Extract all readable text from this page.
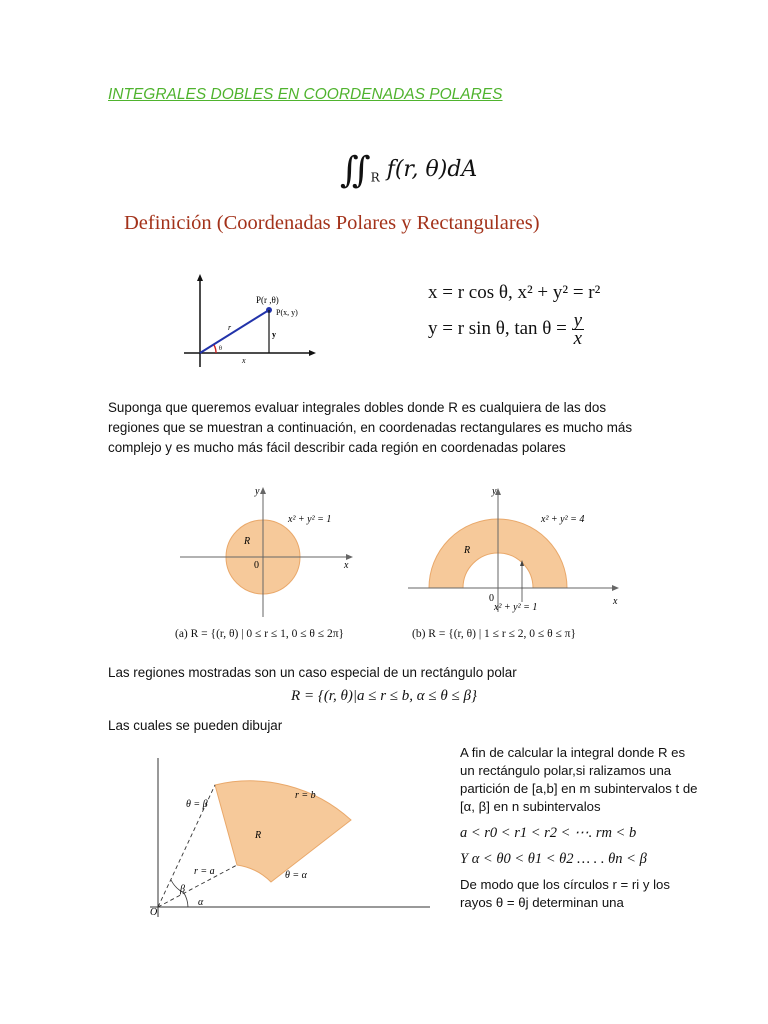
INTEGRALES DOBLES EN COORDENADAS POLARES
$∬_R$ f(r, θ)dA
Definición (Coordenadas Polares y Rectangulares)
P(r ,θ)
P(x, y)
r
θ
y
x
x = r cos θ, x² + y² = r²
y = r sin θ, $\tan \theta = \frac{y}{x}$
Suponga que queremos evaluar integrales dobles donde R es cualquiera de las dos regiones que se muestran a continuación, en coordenadas rectangulares es mucho más complejo y es mucho más fácil describir cada región en coordenadas polares
y
x
0
R
x² + y² = 1
(a) R = {(r, θ) | 0 ≤ r ≤ 1, 0 ≤ θ ≤ 2π}
y
x
0
R
x² + y² = 4
x² + y² = 1
(b) R = {(r, θ) | 1 ≤ r ≤ 2, 0 ≤ θ ≤ π}
Las regiones mostradas son un caso especial de un rectángulo polar
R = {(r, θ)|a ≤ r ≤ b, α ≤ θ ≤ β}
Las cuales se pueden dibujar
θ = β
r = b
R
r = a	θ = α
β
α
O
A fin de calcular la integral donde R es un rectángulo polar,si ralizamos una partición de [a,b] en m subintervalos t de [α, β] en n subintervalos
a < r0 < r1 < r2 < ⋯. rm < b
Y α < θ0 < θ1 < θ2 … . . θn < β
De modo que los círculos r = ri y los rayos θ = θj determinan una
